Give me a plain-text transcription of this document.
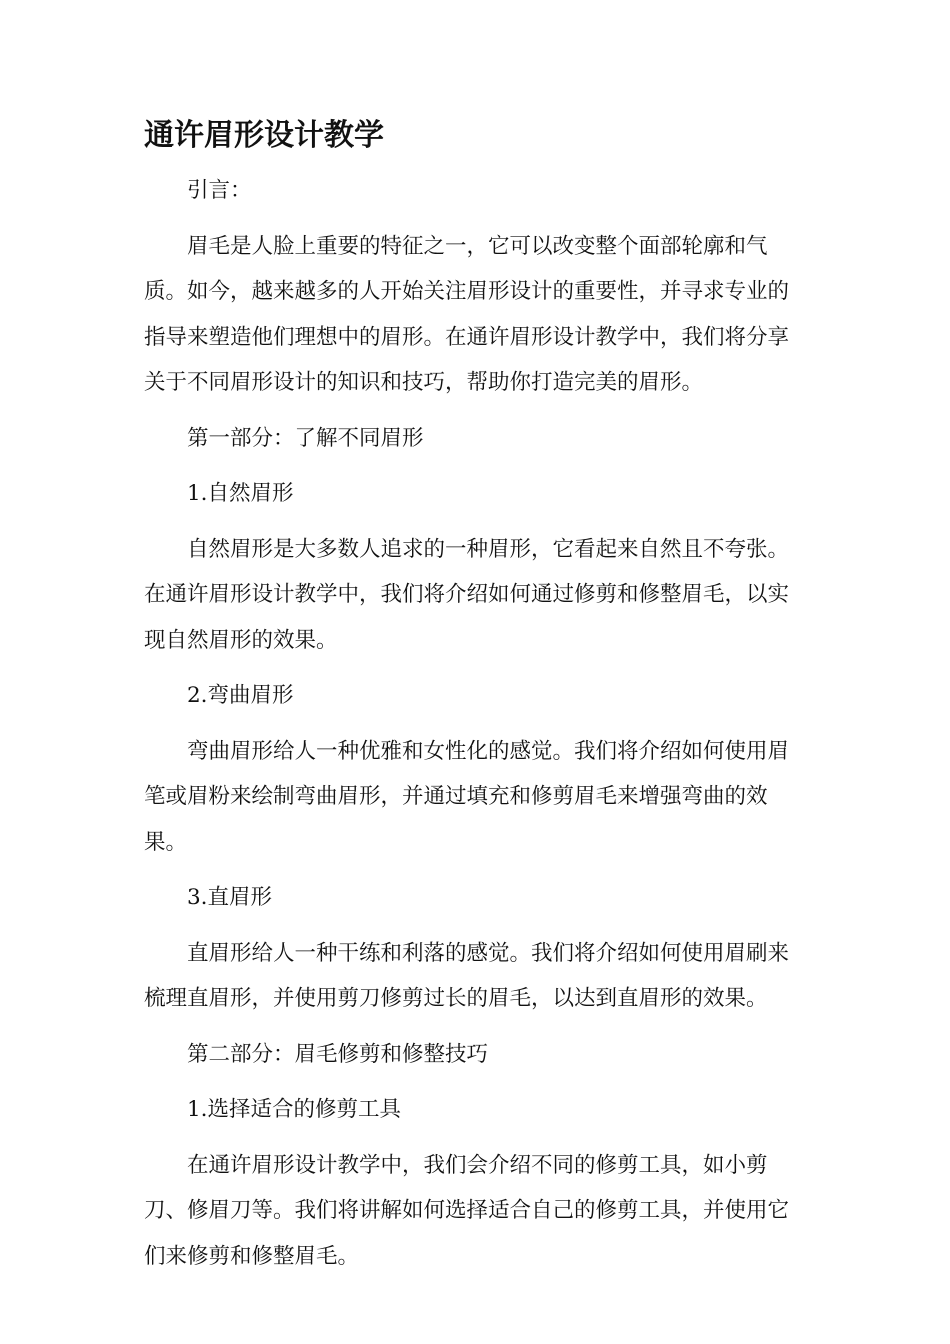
通许眉形设计教学
引言：
眉毛是人脸上重要的特征之一，它可以改变整个面部轮廓和气质。如今，越来越多的人开始关注眉形设计的重要性，并寻求专业的指导来塑造他们理想中的眉形。在通许眉形设计教学中，我们将分享关于不同眉形设计的知识和技巧，帮助你打造完美的眉形。
第一部分：了解不同眉形
1.自然眉形
自然眉形是大多数人追求的一种眉形，它看起来自然且不夸张。在通许眉形设计教学中，我们将介绍如何通过修剪和修整眉毛，以实现自然眉形的效果。
2.弯曲眉形
弯曲眉形给人一种优雅和女性化的感觉。我们将介绍如何使用眉笔或眉粉来绘制弯曲眉形，并通过填充和修剪眉毛来增强弯曲的效果。
3.直眉形
直眉形给人一种干练和利落的感觉。我们将介绍如何使用眉刷来梳理直眉形，并使用剪刀修剪过长的眉毛，以达到直眉形的效果。
第二部分：眉毛修剪和修整技巧
1.选择适合的修剪工具
在通许眉形设计教学中，我们会介绍不同的修剪工具，如小剪刀、修眉刀等。我们将讲解如何选择适合自己的修剪工具，并使用它们来修剪和修整眉毛。
